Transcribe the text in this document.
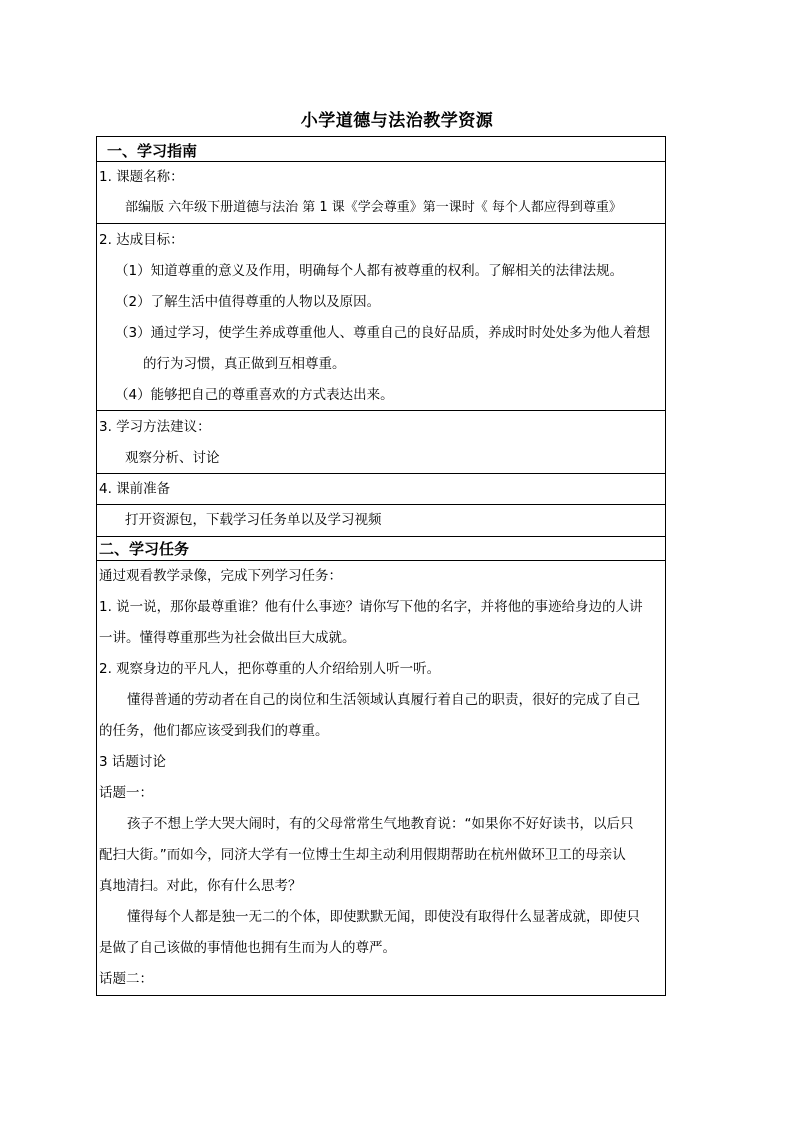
小学道德与法治教学资源
一、学习指南
1. 课题名称：
部编版 六年级下册道德与法治 第 1 课《学会尊重》第一课时《 每个人都应得到尊重》
2. 达成目标：
（1）知道尊重的意义及作用，明确每个人都有被尊重的权利。了解相关的法律法规。
（2）了解生活中值得尊重的人物以及原因。
（3）通过学习，使学生养成尊重他人、尊重自己的良好品质，养成时时处处多为他人着想
的行为习惯，真正做到互相尊重。
（4）能够把自己的尊重喜欢的方式表达出来。
3. 学习方法建议：
观察分析、讨论
4. 课前准备
打开资源包，下载学习任务单以及学习视频
二、学习任务
通过观看教学录像，完成下列学习任务：
1. 说一说，那你最尊重谁？他有什么事迹？请你写下他的名字，并将他的事迹给身边的人讲
一讲。懂得尊重那些为社会做出巨大成就。
2. 观察身边的平凡人，把你尊重的人介绍给别人听一听。
懂得普通的劳动者在自己的岗位和生活领域认真履行着自己的职责，很好的完成了自己
的任务，他们都应该受到我们的尊重。
3 话题讨论
话题一：
孩子不想上学大哭大闹时，有的父母常常生气地教育说：“如果你不好好读书，以后只
配扫大街。”而如今，同济大学有一位博士生却主动利用假期帮助在杭州做环卫工的母亲认
真地清扫。对此，你有什么思考？
懂得每个人都是独一无二的个体，即使默默无闻，即使没有取得什么显著成就，即使只
是做了自己该做的事情他也拥有生而为人的尊严。
话题二：
